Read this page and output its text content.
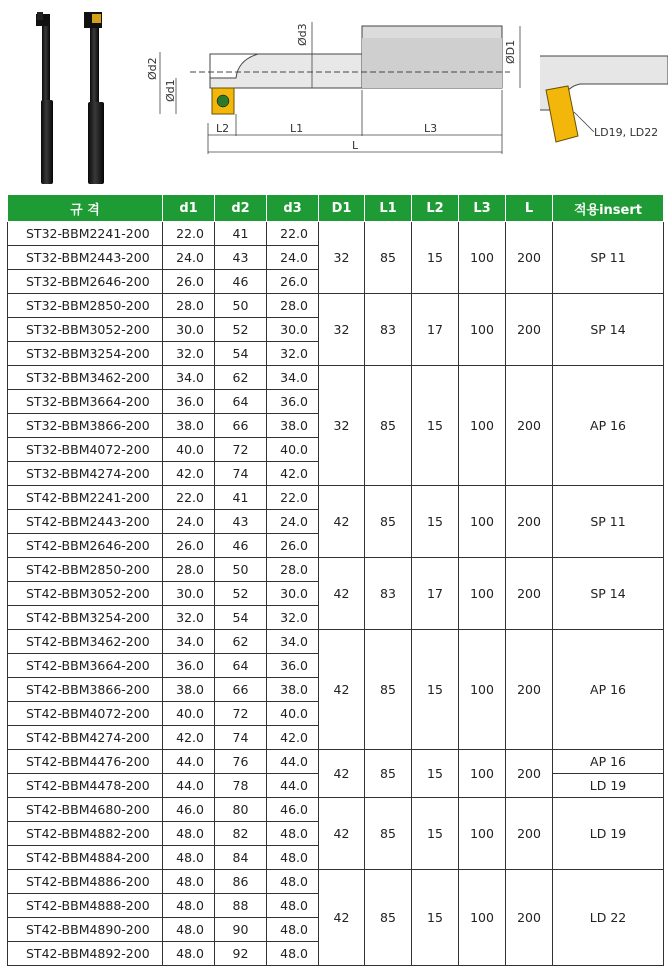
Ød2
Ød1
Ød3
ØD1
L2	L1	L3
L
LD19, LD22
규 격	d1	d2	d3	D1	L1	L2	L3	L	적용insert
ST32-BBM2241-200	22.0	41	22.0	32	85	15	100	200	SP 11
ST32-BBM2443-200	24.0	43	24.0						
ST32-BBM2646-200	26.0	46	26.0						
ST32-BBM2850-200	28.0	50	28.0	32	83	17	100	200	SP 14
ST32-BBM3052-200	30.0	52	30.0						
ST32-BBM3254-200	32.0	54	32.0						
ST32-BBM3462-200	34.0	62	34.0	32	85	15	100	200	AP 16
ST32-BBM3664-200	36.0	64	36.0						
ST32-BBM3866-200	38.0	66	38.0						
ST32-BBM4072-200	40.0	72	40.0						
ST32-BBM4274-200	42.0	74	42.0						
ST42-BBM2241-200	22.0	41	22.0	42	85	15	100	200	SP 11
ST42-BBM2443-200	24.0	43	24.0						
ST42-BBM2646-200	26.0	46	26.0						
ST42-BBM2850-200	28.0	50	28.0	42	83	17	100	200	SP 14
ST42-BBM3052-200	30.0	52	30.0						
ST42-BBM3254-200	32.0	54	32.0						
ST42-BBM3462-200	34.0	62	34.0	42	85	15	100	200	AP 16
ST42-BBM3664-200	36.0	64	36.0						
ST42-BBM3866-200	38.0	66	38.0						
ST42-BBM4072-200	40.0	72	40.0						
ST42-BBM4274-200	42.0	74	42.0						
ST42-BBM4476-200	44.0	76	44.0	42	85	15	100	200	AP 16
ST42-BBM4478-200	44.0	78	44.0						LD 19
ST42-BBM4680-200	46.0	80	46.0	42	85	15	100	200	LD 19
ST42-BBM4882-200	48.0	82	48.0						
ST42-BBM4884-200	48.0	84	48.0						
ST42-BBM4886-200	48.0	86	48.0	42	85	15	100	200	LD 22
ST42-BBM4888-200	48.0	88	48.0						
ST42-BBM4890-200	48.0	90	48.0						
ST42-BBM4892-200	48.0	92	48.0						
